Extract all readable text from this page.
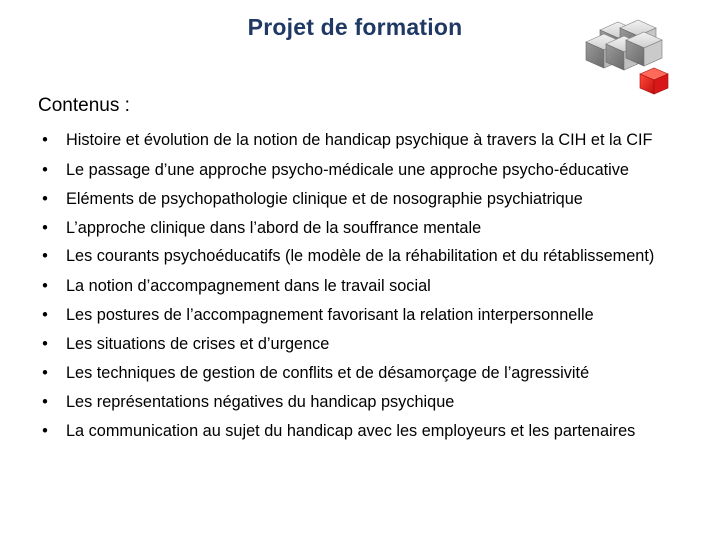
Projet de formation
Contenus :
• Histoire et évolution de la notion de handicap psychique à travers la CIH et la CIF
• Le passage d’une approche psycho-médicale une approche psycho-éducative
• Eléments de psychopathologie clinique et de nosographie psychiatrique
• L’approche clinique dans l’abord de la souffrance mentale
• Les courants psychoéducatifs (le modèle de la réhabilitation et du rétablissement)
• La notion d’accompagnement dans le travail social
• Les postures de l’accompagnement favorisant la relation interpersonnelle
• Les situations de crises et d’urgence
• Les techniques de gestion de conflits et de désamorçage de l’agressivité
• Les représentations négatives du handicap psychique
• La communication au sujet du handicap avec les employeurs et les partenaires
